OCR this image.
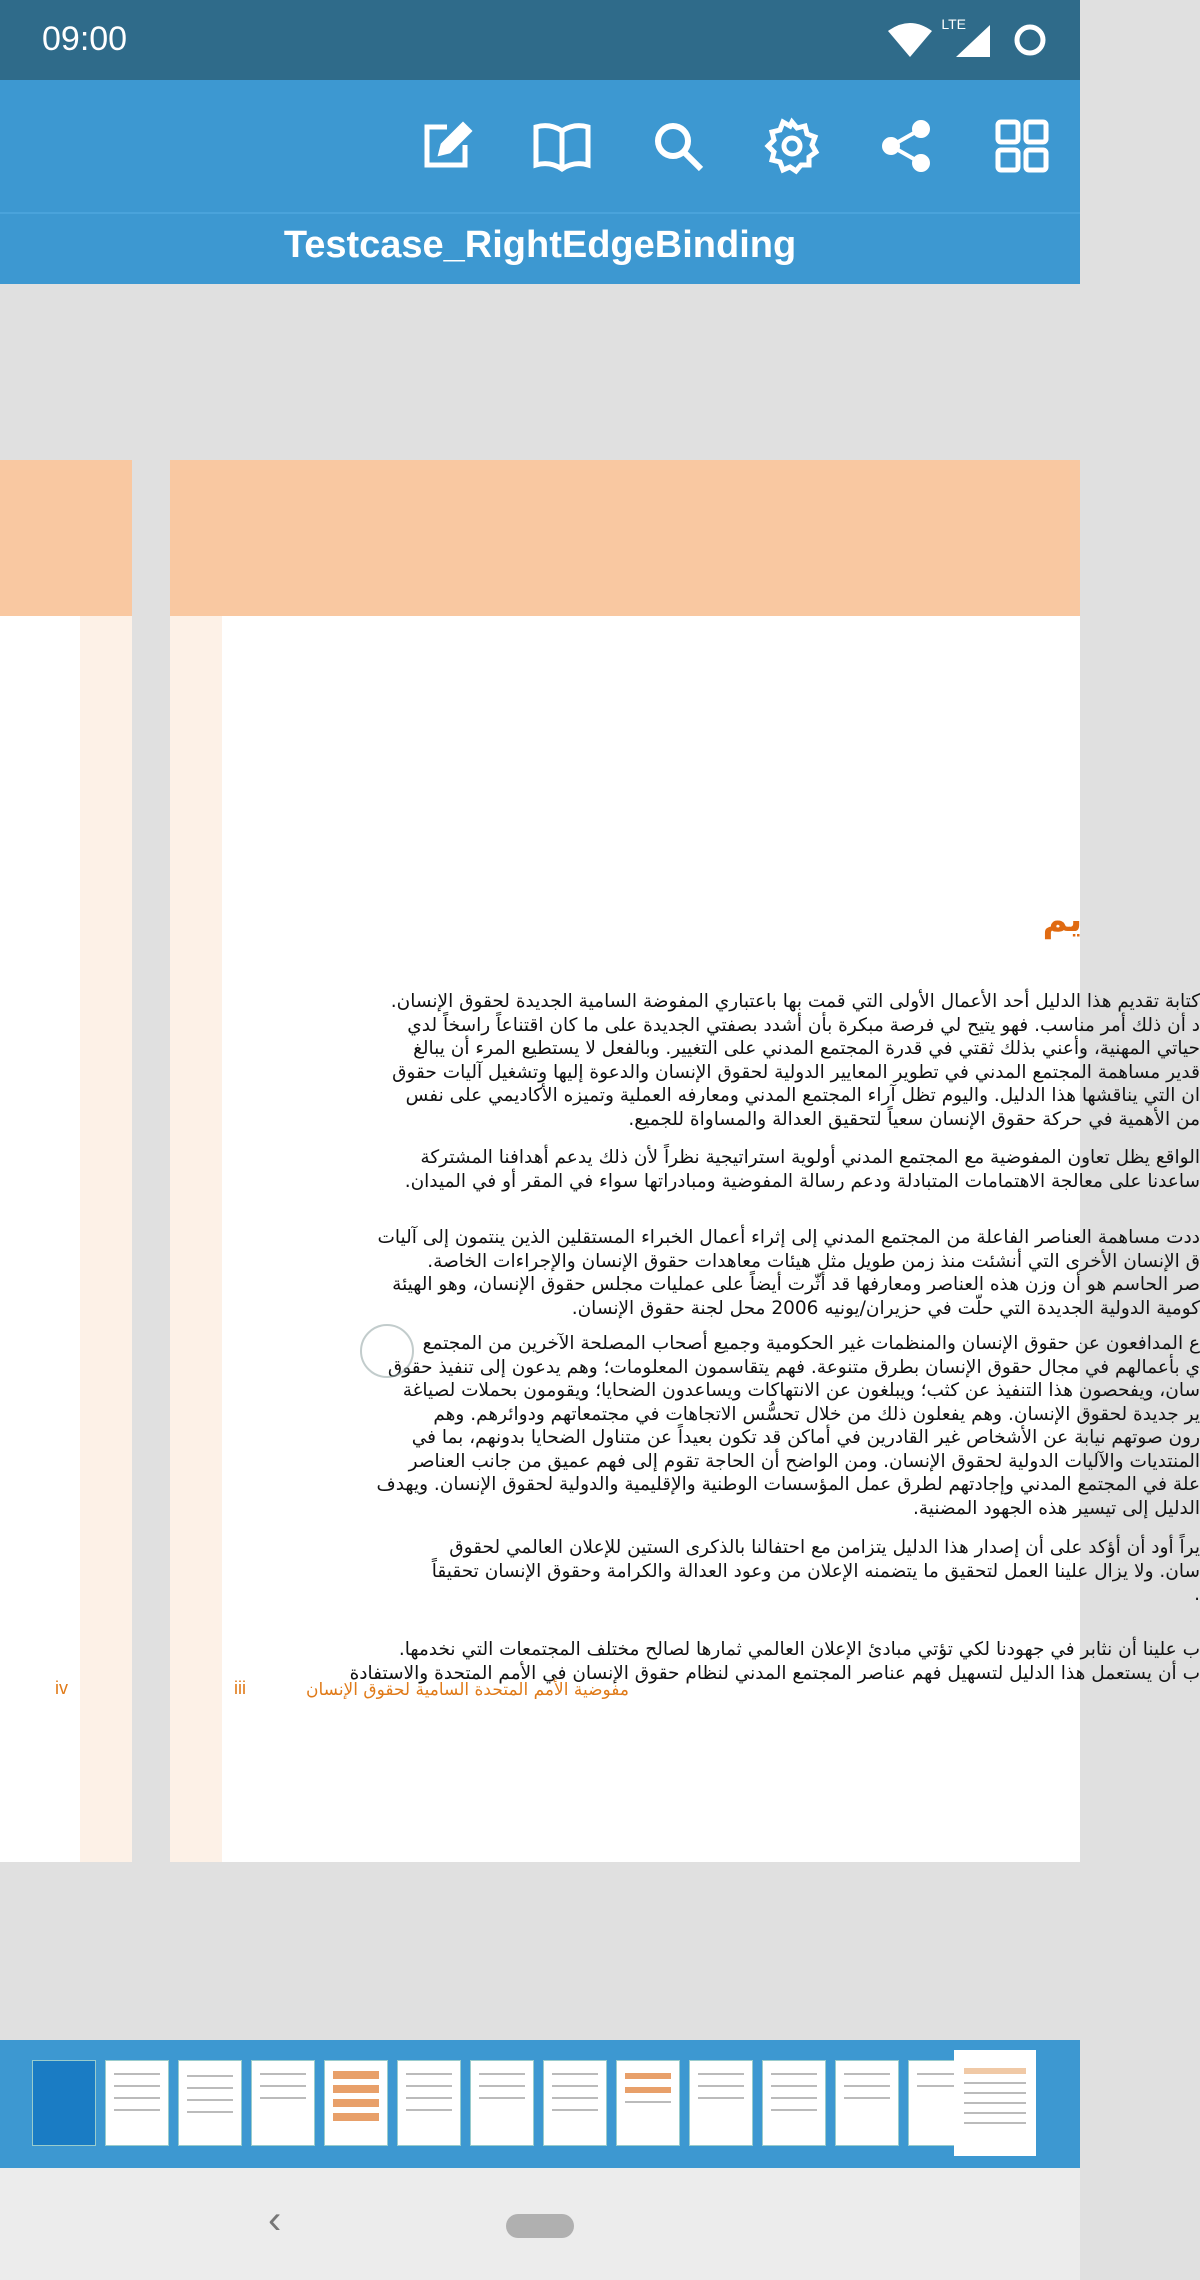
09:00	LTE
Testcase_RightEdgeBinding
iv
يم
كتابة تقديم هذا الدليل أحد الأعمال الأولى التي قمت بها باعتباري المفوضة السامية الجديدة لحقوق الإنسان.
د أن ذلك أمر مناسب. فهو يتيح لي فرصة مبكرة بأن أشدد بصفتي الجديدة على ما كان اقتناعاً راسخاً لدي
حياتي المهنية، وأعني بذلك ثقتي في قدرة المجتمع المدني على التغيير. وبالفعل لا يستطيع المرء أن يبالغ
قدير مساهمة المجتمع المدني في تطوير المعايير الدولية لحقوق الإنسان والدعوة إليها وتشغيل آليات حقوق
ان التي يناقشها هذا الدليل. واليوم تظل آراء المجتمع المدني ومعارفه العملية وتميزه الأكاديمي على نفس
من الأهمية في حركة حقوق الإنسان سعياً لتحقيق العدالة والمساواة للجميع.
الواقع يظل تعاون المفوضية مع المجتمع المدني أولوية استراتيجية نظراً لأن ذلك يدعم أهدافنا المشتركة
ساعدنا على معالجة الاهتمامات المتبادلة ودعم رسالة المفوضية ومبادراتها سواء في المقر أو في الميدان.
ددت مساهمة العناصر الفاعلة من المجتمع المدني إلى إثراء أعمال الخبراء المستقلين الذين ينتمون إلى آليات
ق الإنسان الأخرى التي أنشئت منذ زمن طويل مثل هيئات معاهدات حقوق الإنسان والإجراءات الخاصة.
صر الحاسم هو أن وزن هذه العناصر ومعارفها قد أثّرت أيضاً على عمليات مجلس حقوق الإنسان، وهو الهيئة
كومية الدولية الجديدة التي حلّت في حزيران/يونيه 2006 محل لجنة حقوق الإنسان.
ع المدافعون عن حقوق الإنسان والمنظمات غير الحكومية وجميع أصحاب المصلحة الآخرين من المجتمع
ي بأعمالهم في مجال حقوق الإنسان بطرق متنوعة. فهم يتقاسمون المعلومات؛ وهم يدعون إلى تنفيذ حقوق
سان، ويفحصون هذا التنفيذ عن كثب؛ ويبلغون عن الانتهاكات ويساعدون الضحايا؛ ويقومون بحملات لصياغة
ير جديدة لحقوق الإنسان. وهم يفعلون ذلك من خلال تحسُّس الاتجاهات في مجتمعاتهم ودوائرهم. وهم
رون صوتهم نيابة عن الأشخاص غير القادرين في أماكن قد تكون بعيداً عن متناول الضحايا بدونهم، بما في
المنتديات والآليات الدولية لحقوق الإنسان. ومن الواضح أن الحاجة تقوم إلى فهم عميق من جانب العناصر
علة في المجتمع المدني وإجادتهم لطرق عمل المؤسسات الوطنية والإقليمية والدولية لحقوق الإنسان. ويهدف
الدليل إلى تيسير هذه الجهود المضنية.
يراً أود أن أؤكد على أن إصدار هذا الدليل يتزامن مع احتفالنا بالذكرى الستين للإعلان العالمي لحقوق
سان. ولا يزال علينا العمل لتحقيق ما يتضمنه الإعلان من وعود العدالة والكرامة وحقوق الإنسان تحقيقاً
.
ب علينا أن نثابر في جهودنا لكي تؤتي مبادئ الإعلان العالمي ثمارها لصالح مختلف المجتمعات التي نخدمها.
ب أن يستعمل هذا الدليل لتسهيل فهم عناصر المجتمع المدني لنظام حقوق الإنسان في الأمم المتحدة والاستفادة
iii	مفوضية الأمم المتحدة السامية لحقوق الإنسان
‹
